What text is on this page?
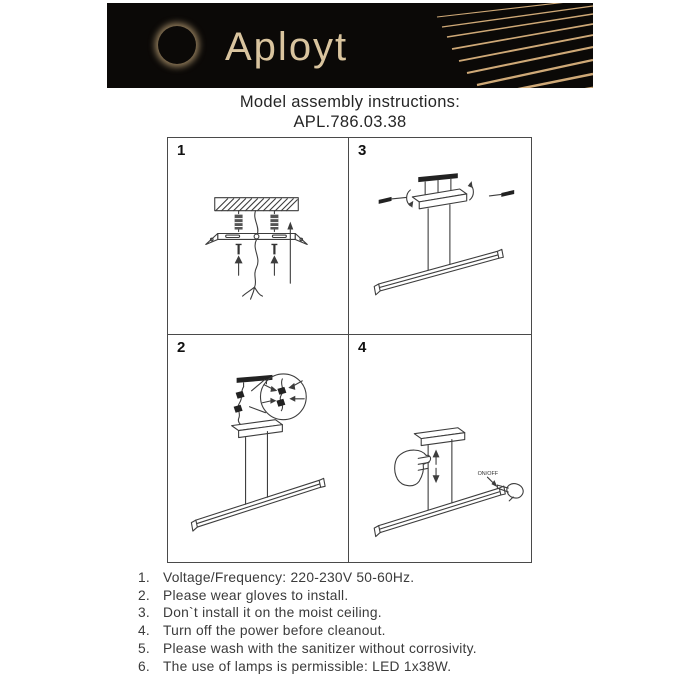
Aployt
Model assembly instructions:
APL.786.03.38
1	3
2	4
ON/OFF
1. Voltage/Frequency: 220-230V 50-60Hz.
2. Please wear gloves to install.
3. Don`t install it on the moist ceiling.
4. Turn off the power before cleanout.
5. Please wash with the sanitizer without corrosivity.
6. The use of lamps is permissible: LED 1x38W.
